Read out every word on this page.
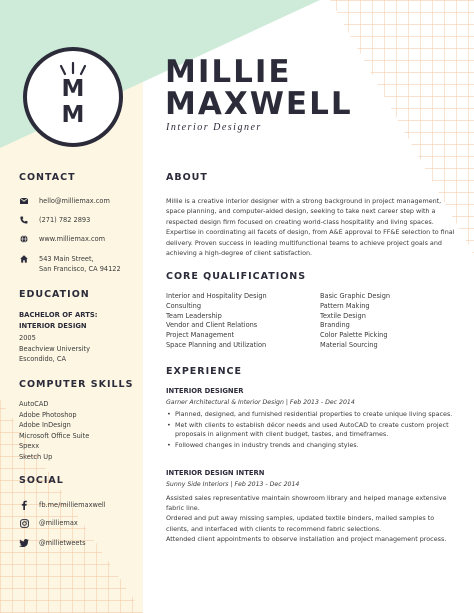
M
M
MILLIE
MAXWELL
Interior Designer
CONTACT
hello@milliemax.com
(271) 782 2893
www.milliemax.com
543 Main Street,
San Francisco, CA 94122
EDUCATION
BACHELOR OF ARTS:
INTERIOR DESIGN
2005
Beachview University
Escondido, CA
COMPUTER SKILLS
AutoCAD
Adobe Photoshop
Adobe InDesign
Microsoft Office Suite
Spexx
Sketch Up
SOCIAL
fb.me/milliemaxwell
@milliemax
@millietweets
ABOUT
Millie is a creative interior designer with a strong background in project management, space planning, and computer-aided design, seeking to take next career step with a respected design firm focused on creating world-class hospitality and living spaces. Expertise in coordinating all facets of design, from A&E approval to FF&E selection to final delivery. Proven success in leading multifunctional teams to achieve project goals and achieving a high-degree of client satisfaction.
CORE QUALIFICATIONS
Interior and Hospitality Design
Consulting
Team Leadership
Vendor and Client Relations
Project Management
Space Planning and Utilization
Basic Graphic Design
Pattern Making
Textile Design
Branding
Color Palette Picking
Material Sourcing
EXPERIENCE
INTERIOR DESIGNER
Garner Architectural & Interior Design | Feb 2013 - Dec 2014
• Planned, designed, and furnished residential properties to create unique living spaces.
• Met with clients to establish décor needs and used AutoCAD to create custom project proposals in alignment with client budget, tastes, and timeframes.
• Followed changes in industry trends and changing styles.
INTERIOR DESIGN INTERN
Sunny Side Interiors | Feb 2013 - Dec 2014
Assisted sales representative maintain showroom library and helped manage extensive fabric line.
Ordered and put away missing samples, updated textile binders, mailed samples to clients, and interfaced with clients to recommend fabric selections.
Attended client appointments to observe installation and project management process.
